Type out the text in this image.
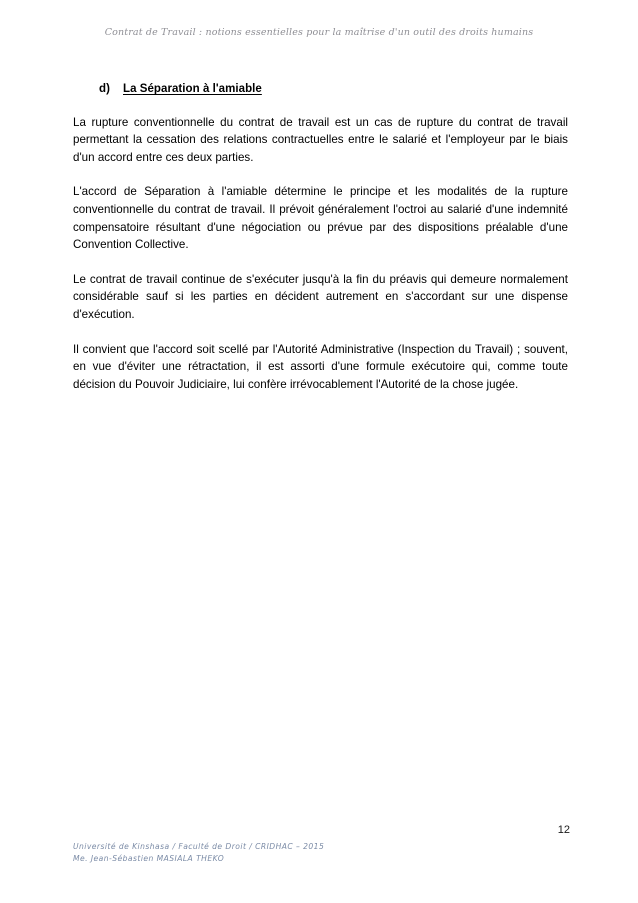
Contrat de Travail : notions essentielles pour la maîtrise d'un outil des droits humains
d) La Séparation à l'amiable

La rupture conventionnelle du contrat de travail est un cas de rupture du contrat de travail permettant la cessation des relations contractuelles entre le salarié et l'employeur par le biais d'un accord entre ces deux parties.

L'accord de Séparation à l'amiable détermine le principe et les modalités de la rupture conventionnelle du contrat de travail. Il prévoit généralement l'octroi au salarié d'une indemnité compensatoire résultant d'une négociation ou prévue par des dispositions préalable d'une Convention Collective.

Le contrat de travail continue de s'exécuter jusqu'à la fin du préavis qui demeure normalement considérable sauf si les parties en décident autrement en s'accordant sur une dispense d'exécution.

Il convient que l'accord soit scellé par l'Autorité Administrative (Inspection du Travail) ; souvent, en vue d'éviter une rétractation, il est assorti d'une formule exécutoire qui, comme toute décision du Pouvoir Judiciaire, lui confère irrévocablement l'Autorité de la chose jugée.

12
Université de Kinshasa / Faculté de Droit / CRIDHAC – 2015
Me. Jean-Sébastien MASIALA THEKO
